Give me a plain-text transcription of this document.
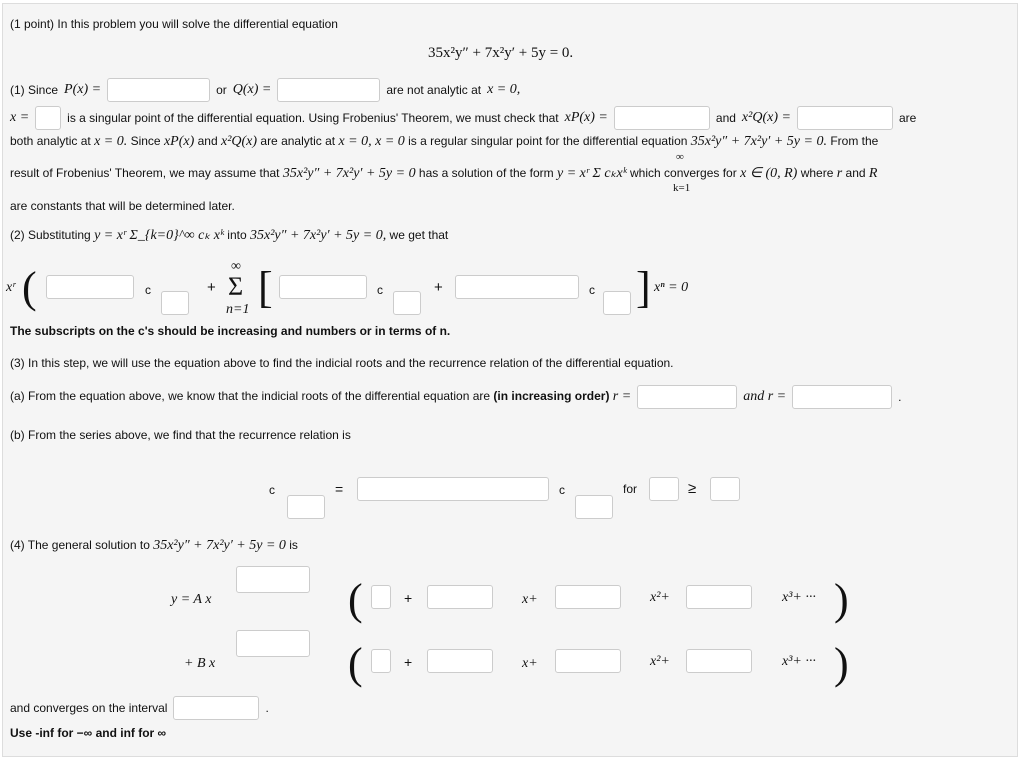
(1 point) In this problem you will solve the differential equation
35x²y″ + 7x²y′ + 5y = 0.
(1) Since P(x) =	or Q(x) =	are not analytic at x = 0,
x =	is a singular point of the differential equation. Using Frobenius' Theorem, we must check that xP(x) =	and x²Q(x) =	are
both analytic at x = 0. Since xP(x) and x²Q(x) are analytic at x = 0, x = 0 is a regular singular point for the differential equation 35x²y″ + 7x²y′ + 5y = 0. From the
∞
result of Frobenius' Theorem, we may assume that 35x²y″ + 7x²y′ + 5y = 0 has a solution of the form y = xʳ Σ cₖxᵏ which converges for x ∈ (0, R) where r and R
k=1
are constants that will be determined later.
(2) Substituting y = xʳ Σ_{k=0}^∞ cₖ xᵏ into 35x²y″ + 7x²y′ + 5y = 0, we get that
xʳ (	c	+
∞
Σ
n=1 [	c	+	c ] xⁿ = 0
The subscripts on the c's should be increasing and numbers or in terms of n.
(3) In this step, we will use the equation above to find the indicial roots and the recurrence relation of the differential equation.
(a) From the equation above, we know that the indicial roots of the differential equation are (in increasing order) r =	and r =	.
(b) From the series above, we find that the recurrence relation is
c	=	c	for	≥
(4) The general solution to 35x²y″ + 7x²y′ + 5y = 0 is
y = A x	(	+	x+	x²+	x³+ ··· )
+ B x	(	+	x+	x²+	x³+ ··· )
and converges on the interval	.
Use -inf for −∞ and inf for ∞
